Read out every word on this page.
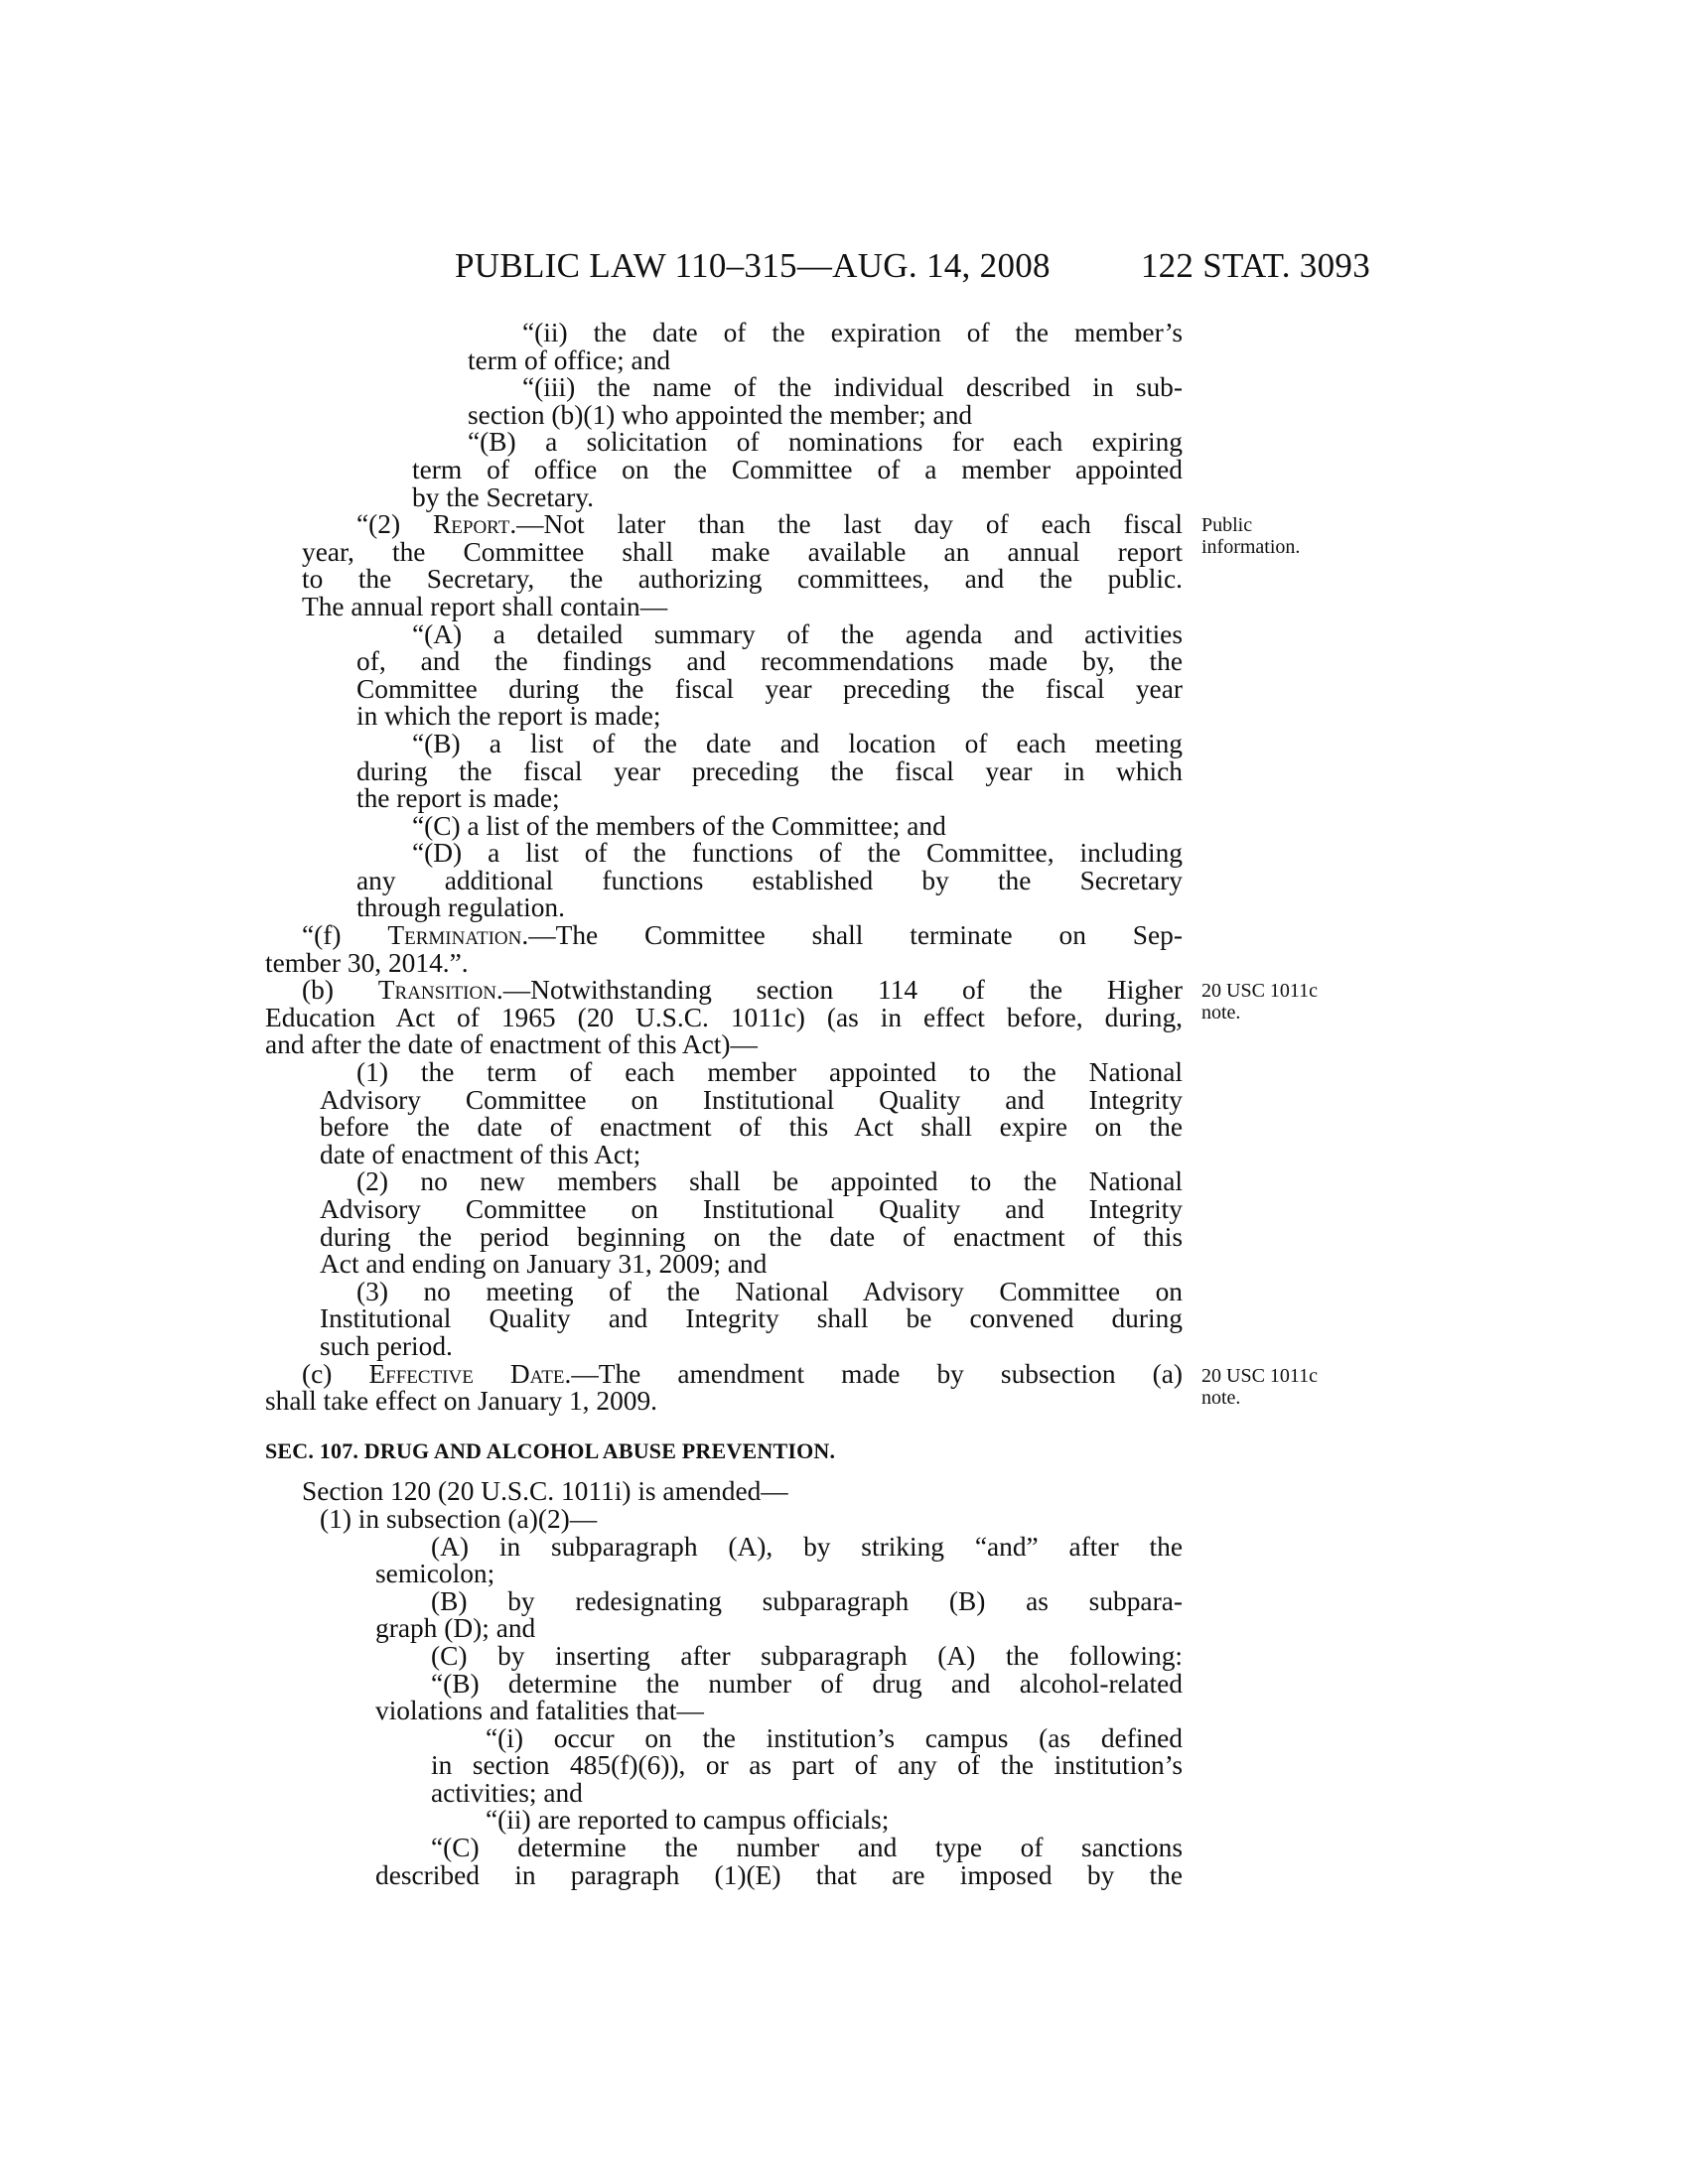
PUBLIC LAW 110–315—AUG. 14, 2008	122 STAT. 3093
Public
information.
20 USC 1011c
note.
20 USC 1011c
note.
“(ii) the date of the expiration of the member’s
term of office; and
“(iii) the name of the individual described in sub-
section (b)(1) who appointed the member; and
“(B) a solicitation of nominations for each expiring
term of office on the Committee of a member appointed
by the Secretary.
“(2) Report.—Not later than the last day of each fiscal
year, the Committee shall make available an annual report
to the Secretary, the authorizing committees, and the public.
The annual report shall contain—
“(A) a detailed summary of the agenda and activities
of, and the findings and recommendations made by, the
Committee during the fiscal year preceding the fiscal year
in which the report is made;
“(B) a list of the date and location of each meeting
during the fiscal year preceding the fiscal year in which
the report is made;
“(C) a list of the members of the Committee; and
“(D) a list of the functions of the Committee, including
any additional functions established by the Secretary
through regulation.
“(f) Termination.—The Committee shall terminate on Sep-
tember 30, 2014.”.
(b) Transition.—Notwithstanding section 114 of the Higher
Education Act of 1965 (20 U.S.C. 1011c) (as in effect before, during,
and after the date of enactment of this Act)—
(1) the term of each member appointed to the National
Advisory Committee on Institutional Quality and Integrity
before the date of enactment of this Act shall expire on the
date of enactment of this Act;
(2) no new members shall be appointed to the National
Advisory Committee on Institutional Quality and Integrity
during the period beginning on the date of enactment of this
Act and ending on January 31, 2009; and
(3) no meeting of the National Advisory Committee on
Institutional Quality and Integrity shall be convened during
such period.
(c) Effective Date.—The amendment made by subsection (a)
shall take effect on January 1, 2009.
SEC. 107. DRUG AND ALCOHOL ABUSE PREVENTION.
Section 120 (20 U.S.C. 1011i) is amended—
(1) in subsection (a)(2)—
(A) in subparagraph (A), by striking “and” after the
semicolon;
(B) by redesignating subparagraph (B) as subpara-
graph (D); and
(C) by inserting after subparagraph (A) the following:
“(B) determine the number of drug and alcohol-related
violations and fatalities that—
“(i) occur on the institution’s campus (as defined
in section 485(f)(6)), or as part of any of the institution’s
activities; and
“(ii) are reported to campus officials;
“(C) determine the number and type of sanctions
described in paragraph (1)(E) that are imposed by the
